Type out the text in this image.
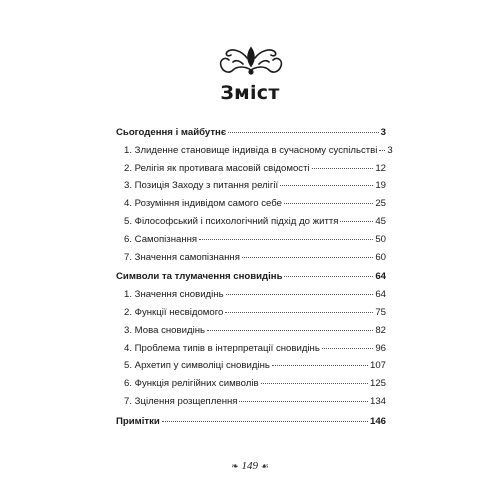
Зміст
Сьогодення і майбутнє	3
1. Злиденне становище індивіда в сучасному суспільстві 3
2. Релігія як противага масовій свідомості	12
3. Позиція Заходу з питання релігії	19
4. Розуміння індивідом самого себе	25
5. Філософський і психологічний підхід до життя	45
6. Самопізнання	50
7. Значення самопізнання	60
Символи та тлумачення сновидінь	64
1. Значення сновидінь	64
2. Функції несвідомого	75
3. Мова сновидінь	82
4. Проблема типів в інтерпретації сновидінь	96
5. Архетип у символіці сновидінь	107
6. Функція релігійних символів	125
7. Зцілення розщеплення	134
Примітки	146
❧ 149 ☙
